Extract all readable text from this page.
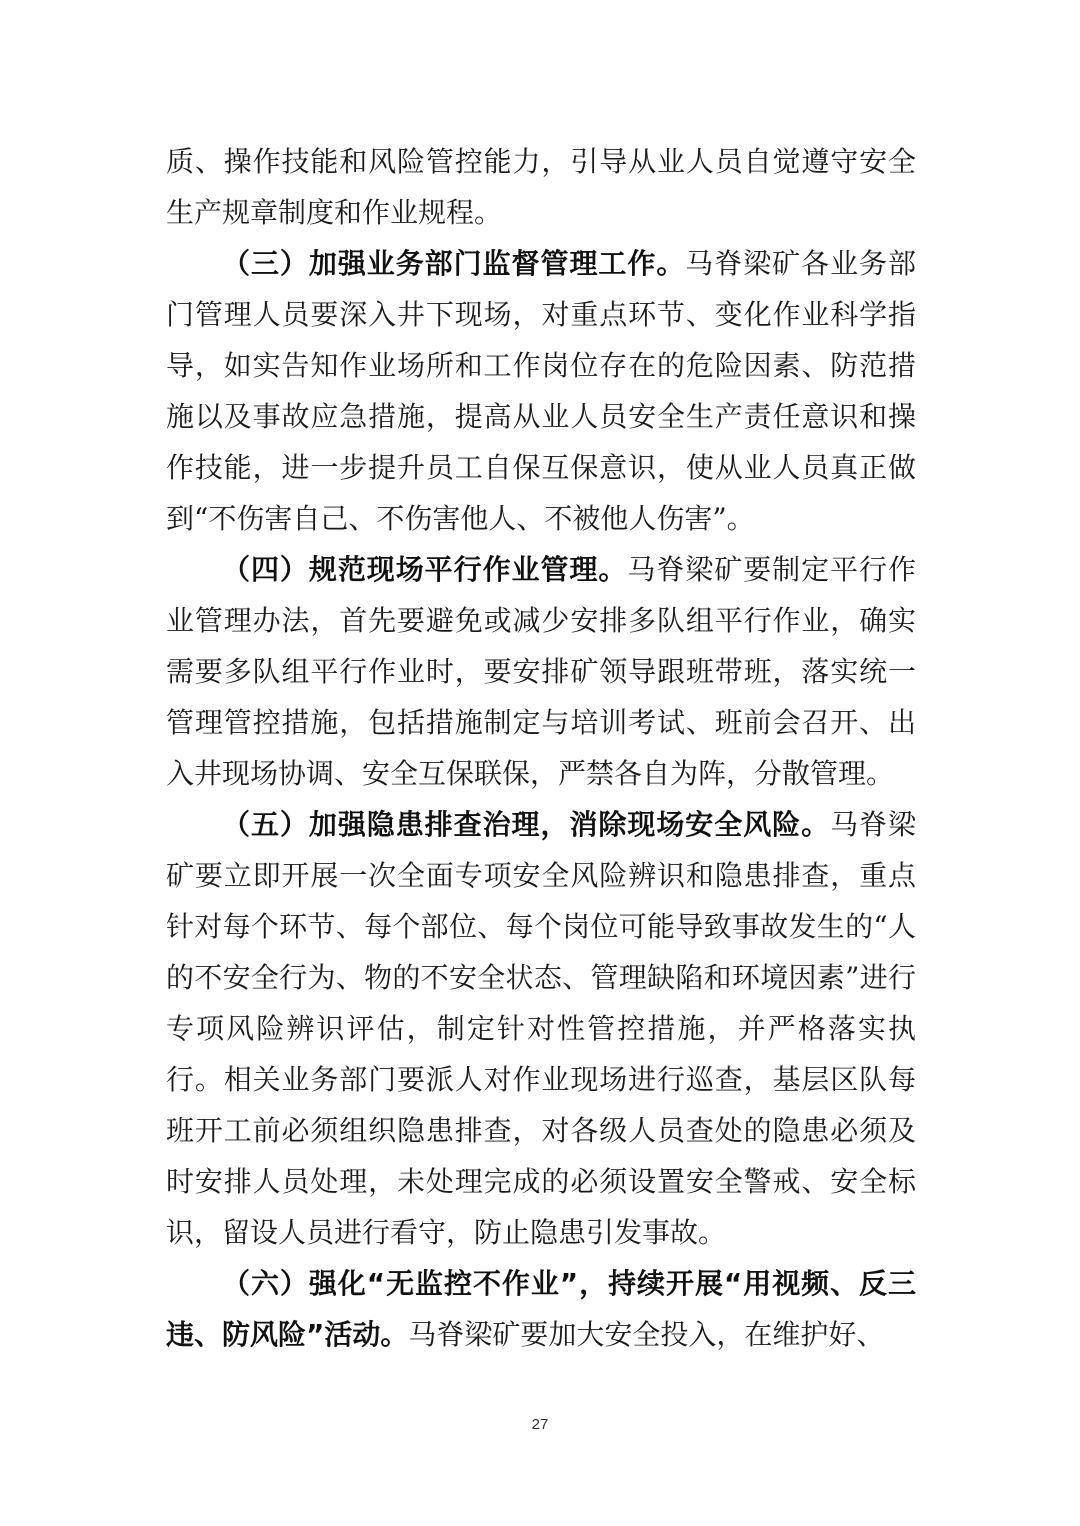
质、操作技能和风险管控能力，引导从业人员自觉遵守安全生产规章制度和作业规程。

（三）加强业务部门监督管理工作。马脊梁矿各业务部门管理人员要深入井下现场，对重点环节、变化作业科学指导，如实告知作业场所和工作岗位存在的危险因素、防范措施以及事故应急措施，提高从业人员安全生产责任意识和操作技能，进一步提升员工自保互保意识，使从业人员真正做到“不伤害自己、不伤害他人、不被他人伤害”。

（四）规范现场平行作业管理。马脊梁矿要制定平行作业管理办法，首先要避免或减少安排多队组平行作业，确实需要多队组平行作业时，要安排矿领导跟班带班，落实统一管理管控措施，包括措施制定与培训考试、班前会召开、出入井现场协调、安全互保联保，严禁各自为阵，分散管理。

（五）加强隐患排查治理，消除现场安全风险。马脊梁矿要立即开展一次全面专项安全风险辨识和隐患排查，重点针对每个环节、每个部位、每个岗位可能导致事故发生的“人的不安全行为、物的不安全状态、管理缺陷和环境因素”进行专项风险辨识评估，制定针对性管控措施，并严格落实执行。相关业务部门要派人对作业现场进行巡查，基层区队每班开工前必须组织隐患排查，对各级人员查处的隐患必须及时安排人员处理，未处理完成的必须设置安全警戒、安全标识，留设人员进行看守，防止隐患引发事故。

（六）强化“无监控不作业”，持续开展“用视频、反三违、防风险”活动。马脊梁矿要加大安全投入，在维护好、

27
